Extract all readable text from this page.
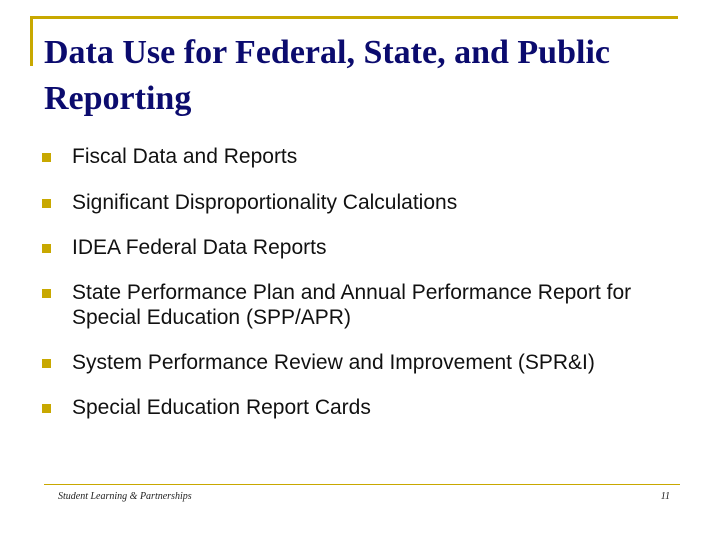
Data Use for Federal, State, and Public Reporting
Fiscal Data and Reports
Significant Disproportionality Calculations
IDEA Federal Data Reports
State Performance Plan and Annual Performance Report for Special Education (SPP/APR)
System Performance Review and Improvement (SPR&I)
Special Education Report Cards
Student Learning & Partnerships	11
